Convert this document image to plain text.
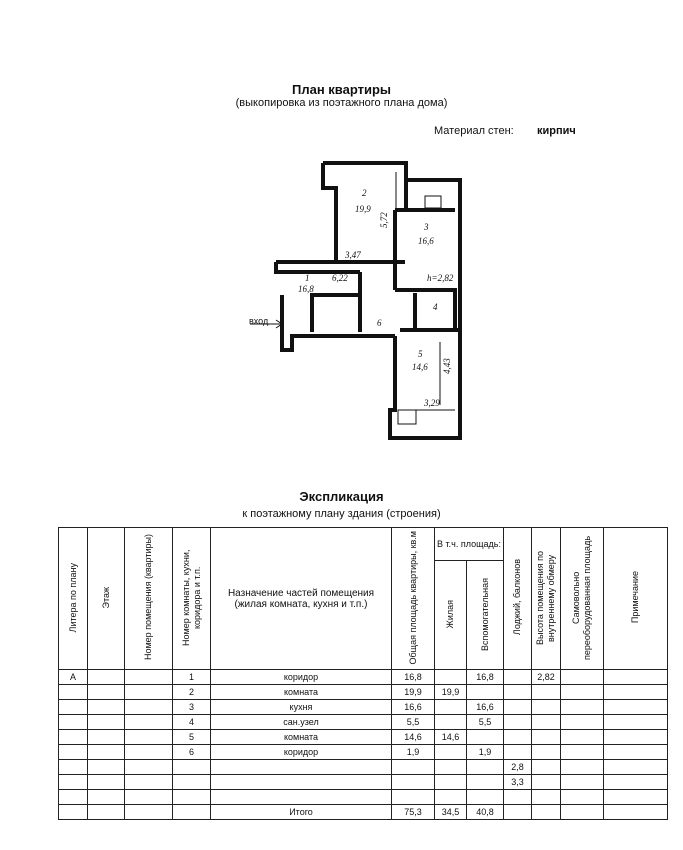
План квартиры
(выкопировка из поэтажного плана дома)
Материал стен: кирпич
2
19,9
5,72	3
16,6
3,47
1	6,22	h=2,82
16,8
4
6
вход
5
14,6 4,43
3,29
Экспликация
к поэтажному плану здания (строения)
Литера по плану	Этаж	Номер помещения (квартиры)	Номер комнаты, кухни, коридора и т.п.	Назначение частей помещения (жилая комната, кухня и т.п.)	Общая площадь квартиры, кв.м	В т.ч. площадь:		Лоджий, балконов	Высота помещения по внутреннему обмеру	Самовольно переоборудованная площадь	Примечание
						Жилая	Вспомогательная				
А			1	коридор	16,8		16,8		2,82		
			2	комната	19,9	19,9					
			3	кухня	16,6		16,6				
			4	сан.узел	5,5		5,5				
			5	комната	14,6	14,6					
			6	коридор	1,9		1,9				
								2,8			
								3,3			

				Итого	75,3	34,5	40,8				
